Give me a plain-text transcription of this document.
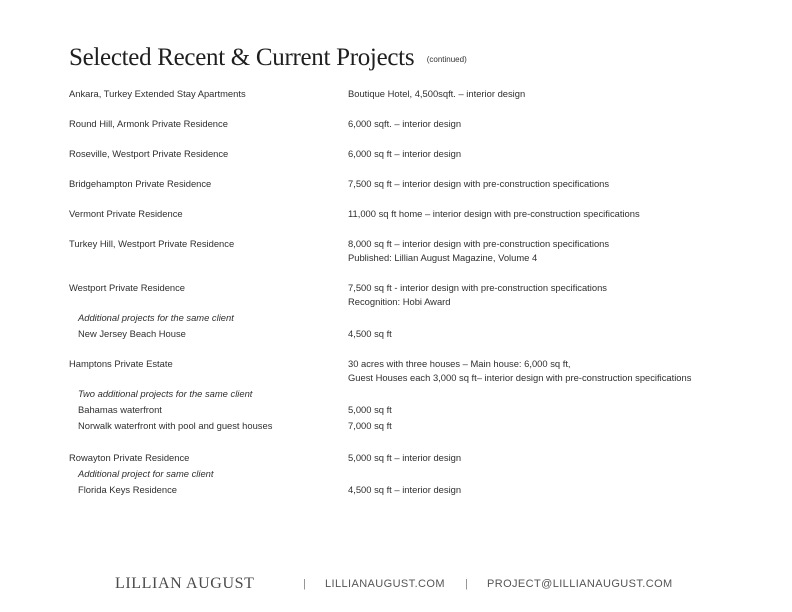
Selected Recent & Current Projects (continued)
Ankara, Turkey Extended Stay Apartments	Boutique Hotel, 4,500sqft. – interior design
Round Hill, Armonk Private Residence	6,000 sqft. – interior design
Roseville, Westport Private Residence	6,000 sq ft – interior design
Bridgehampton Private Residence	7,500 sq ft – interior design with pre-construction specifications
Vermont Private Residence	11,000 sq ft home – interior design with pre-construction specifications
Turkey Hill, Westport Private Residence	8,000 sq ft – interior design with pre-construction specifications
Published: Lillian August Magazine, Volume 4
Westport Private Residence	7,500 sq ft - interior design with pre-construction specifications
Recognition: Hobi Award
Additional projects for the same client
New Jersey Beach House	4,500 sq ft
Hamptons Private Estate	30 acres with three houses – Main house: 6,000 sq ft,
Guest Houses each 3,000 sq ft– interior design with pre-construction specifications
Two additional projects for the same client
Bahamas waterfront	5,000 sq ft
Norwalk waterfront with pool and guest houses	7,000 sq ft
Rowayton Private Residence	5,000 sq ft – interior design
Additional project for same client
Florida Keys Residence	4,500 sq ft – interior design
LILLIAN AUGUST	| LILLIANAUGUST.COM | PROJECT@LILLIANAUGUST.COM
